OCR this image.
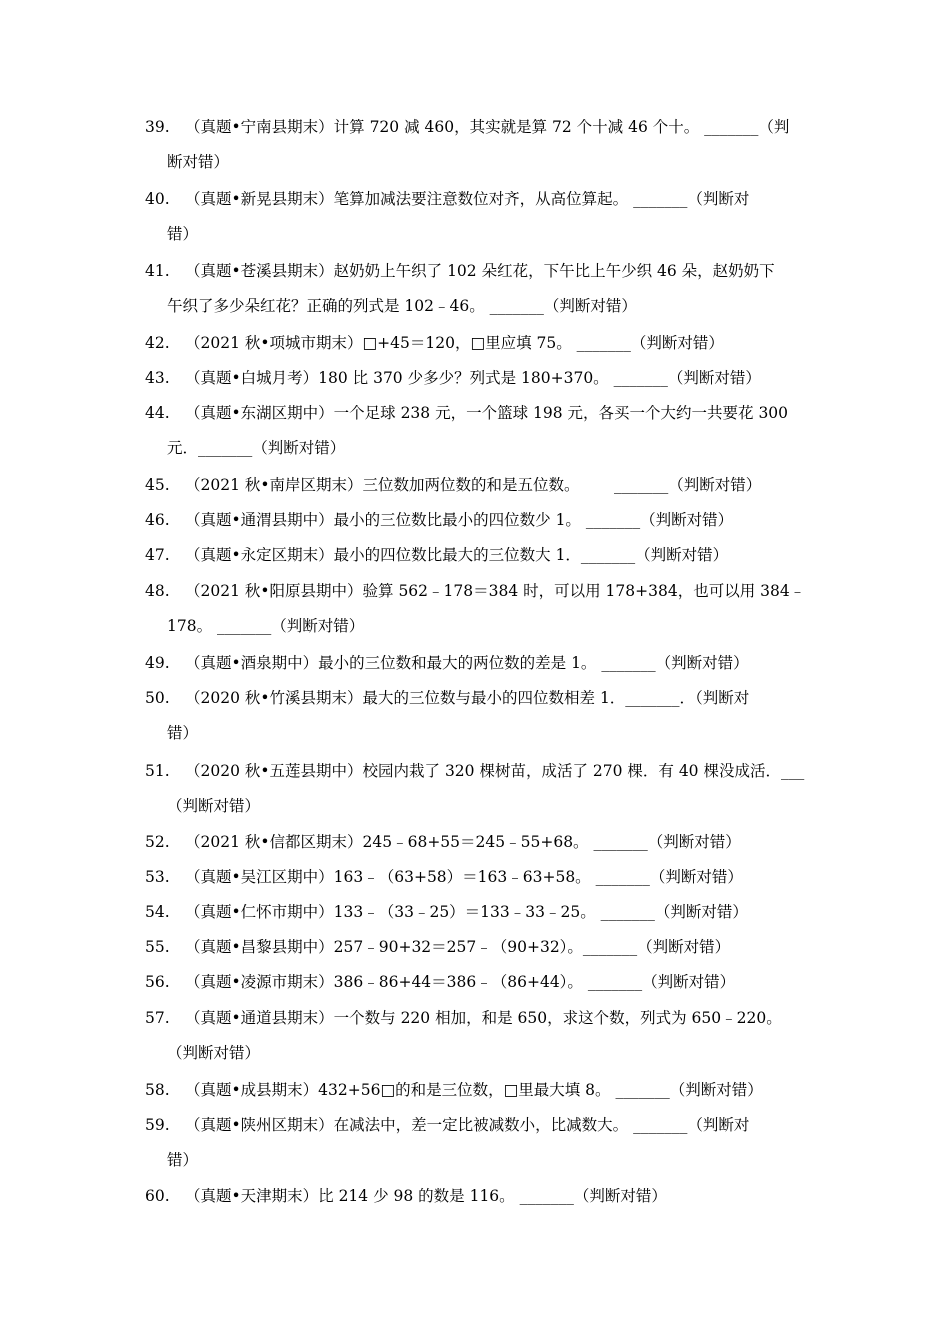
39. （真题•宁南县期末）计算 720 减 460，其实就是算 72 个十减 46 个十。 _______（判
断对错）
40. （真题•新晃县期末）笔算加减法要注意数位对齐，从高位算起。 _______（判断对
错）
41. （真题•苍溪县期末）赵奶奶上午织了 102 朵红花，下午比上午少织 46 朵，赵奶奶下
午织了多少朵红花？正确的列式是 102﹣46。 _______（判断对错）
42. （2021 秋•项城市期末）□+45＝120，□里应填 75。 _______（判断对错）
43. （真题•白城月考）180 比 370 少多少？列式是 180+370。 _______（判断对错）
44. （真题•东湖区期中）一个足球 238 元，一个篮球 198 元，各买一个大约一共要花 300
元．_______（判断对错）
45. （2021 秋•南岸区期末）三位数加两位数的和是五位数。       _______（判断对错）
46. （真题•通渭县期中）最小的三位数比最小的四位数少 1。 _______（判断对错）
47. （真题•永定区期末）最小的四位数比最大的三位数大 1．_______（判断对错）
48. （2021 秋•阳原县期中）验算 562﹣178＝384 时，可以用 178+384，也可以用 384﹣
178。 _______（判断对错）
49. （真题•酒泉期中）最小的三位数和最大的两位数的差是 1。 _______（判断对错）
50. （2020 秋•竹溪县期末）最大的三位数与最小的四位数相差 1．_______．（判断对
错）
51. （2020 秋•五莲县期中）校园内栽了 320 棵树苗，成活了 270 棵．有 40 棵没成活．___
（判断对错）
52. （2021 秋•信都区期末）245﹣68+55＝245﹣55+68。 _______（判断对错）
53. （真题•吴江区期中）163﹣（63+58）＝163﹣63+58。 _______（判断对错）
54. （真题•仁怀市期中）133﹣（33﹣25）＝133﹣33﹣25。 _______（判断对错）
55. （真题•昌黎县期中）257﹣90+32＝257﹣（90+32）。_______（判断对错）
56. （真题•凌源市期末）386﹣86+44＝386﹣（86+44）。 _______（判断对错）
57. （真题•通道县期末）一个数与 220 相加，和是 650，求这个数，列式为 650﹣220。
（判断对错）
58. （真题•成县期末）432+56□的和是三位数，□里最大填 8。 _______（判断对错）
59. （真题•陕州区期末）在减法中，差一定比被减数小，比减数大。 _______（判断对
错）
60. （真题•天津期末）比 214 少 98 的数是 116。 _______（判断对错）
